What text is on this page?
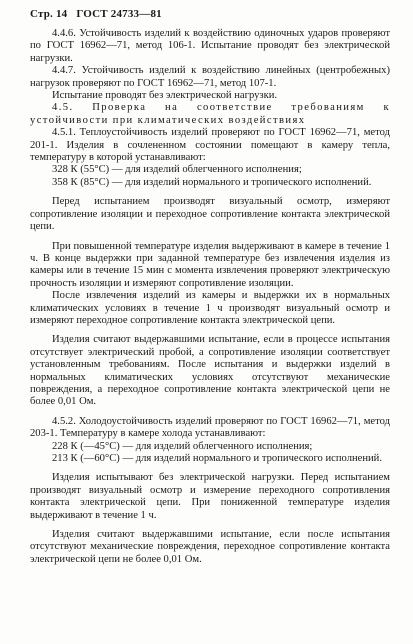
Стр. 14 ГОСТ 24733—81

4.4.6. Устойчивость изделий к воздействию одиночных ударов проверяют по ГОСТ 16962—71, метод 106-1. Испытание проводят без электрической нагрузки.

4.4.7. Устойчивость изделий к воздействию линейных (центробежных) нагрузок проверяют по ГОСТ 16962—71, метод 107-1.

Испытание проводят без электрической нагрузки.

4.5. Проверка на соответствие требованиям к устойчивости при климатических воздействиях

4.5.1. Теплоустойчивость изделий проверяют по ГОСТ 16962—71, метод 201-1. Изделия в сочлененном состоянии помещают в камеру тепла, температуру в которой устанавливают:

328 К (55°С) — для изделий облегченного исполнения;

358 К (85°С) — для изделий нормального и тропического исполнений.

Перед испытанием производят визуальный осмотр, измеряют сопротивление изоляции и переходное сопротивление контакта электрической цепи.

При повышенной температуре изделия выдерживают в камере в течение 1 ч. В конце выдержки при заданной температуре без извлечения изделия из камеры или в течение 15 мин с момента извлечения проверяют электрическую прочность изоляции и измеряют сопротивление изоляции.

После извлечения изделий из камеры и выдержки их в нормальных климатических условиях в течение 1 ч производят визуальный осмотр и измеряют переходное сопротивление контакта электрической цепи.

Изделия считают выдержавшими испытание, если в процессе испытания отсутствует электрический пробой, а сопротивление изоляции соответствует установленным требованиям. После испытания и выдержки изделий в нормальных климатических условиях отсутствуют механические повреждения, а переходное сопротивление контакта электрической цепи не более 0,01 Ом.

4.5.2. Холодоустойчивость изделий проверяют по ГОСТ 16962—71, метод 203-1. Температуру в камере холода устанавливают:

228 К (—45°С) — для изделий облегченного исполнения;

213 К (—60°С) — для изделий нормального и тропического исполнений.

Изделия испытывают без электрической нагрузки. Перед испытанием производят визуальный осмотр и измерение переходного сопротивления контакта электрической цепи. При пониженной температуре изделия выдерживают в течение 1 ч.

Изделия считают выдержавшими испытание, если после испытания отсутствуют механические повреждения, переходное сопротивление контакта электрической цепи не более 0,01 Ом.
